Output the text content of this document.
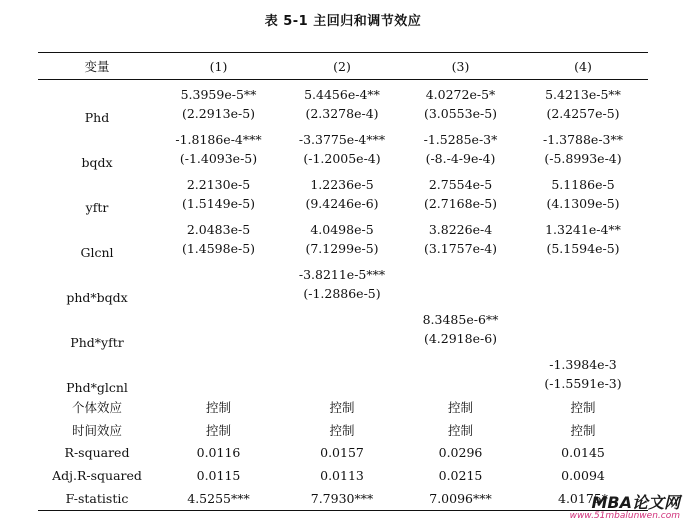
表 5-1 主回归和调节效应
变量	(1)	(2)	(3)	(4)
Phd	5.3959e-5**	5.4456e-4**	4.0272e-5*	5.4213e-5**
	(2.2913e-5)	(2.3278e-4)	(3.0553e-5)	(2.4257e-5)
bqdx	-1.8186e-4***	-3.3775e-4***	-1.5285e-3*	-1.3788e-3**
	(-1.4093e-5)	(-1.2005e-4)	(-8.-4-9e-4)	(-5.8993e-4)
yftr	2.2130e-5	1.2236e-5	2.7554e-5	5.1186e-5
	(1.5149e-5)	(9.4246e-6)	(2.7168e-5)	(4.1309e-5)
Glcnl	2.0483e-5	4.0498e-5	3.8226e-4	1.3241e-4**
	(1.4598e-5)	(7.1299e-5)	(3.1757e-4)	(5.1594e-5)
phd*bqdx		-3.8211e-5***		
		(-1.2886e-5)		
Phd*yftr			8.3485e-6**	
			(4.2918e-6)	
Phd*glcnl				-1.3984e-3
				(-1.5591e-3)
个体效应	控制	控制	控制	控制
时间效应	控制	控制	控制	控制
R-squared	0.0116	0.0157	0.0296	0.0145
Adj.R-squared	0.0115	0.0113	0.0215	0.0094
F-statistic	4.5255***	7.7930***	7.0096***	4.0175*
MBA论文网
www.51mbalunwen.com
